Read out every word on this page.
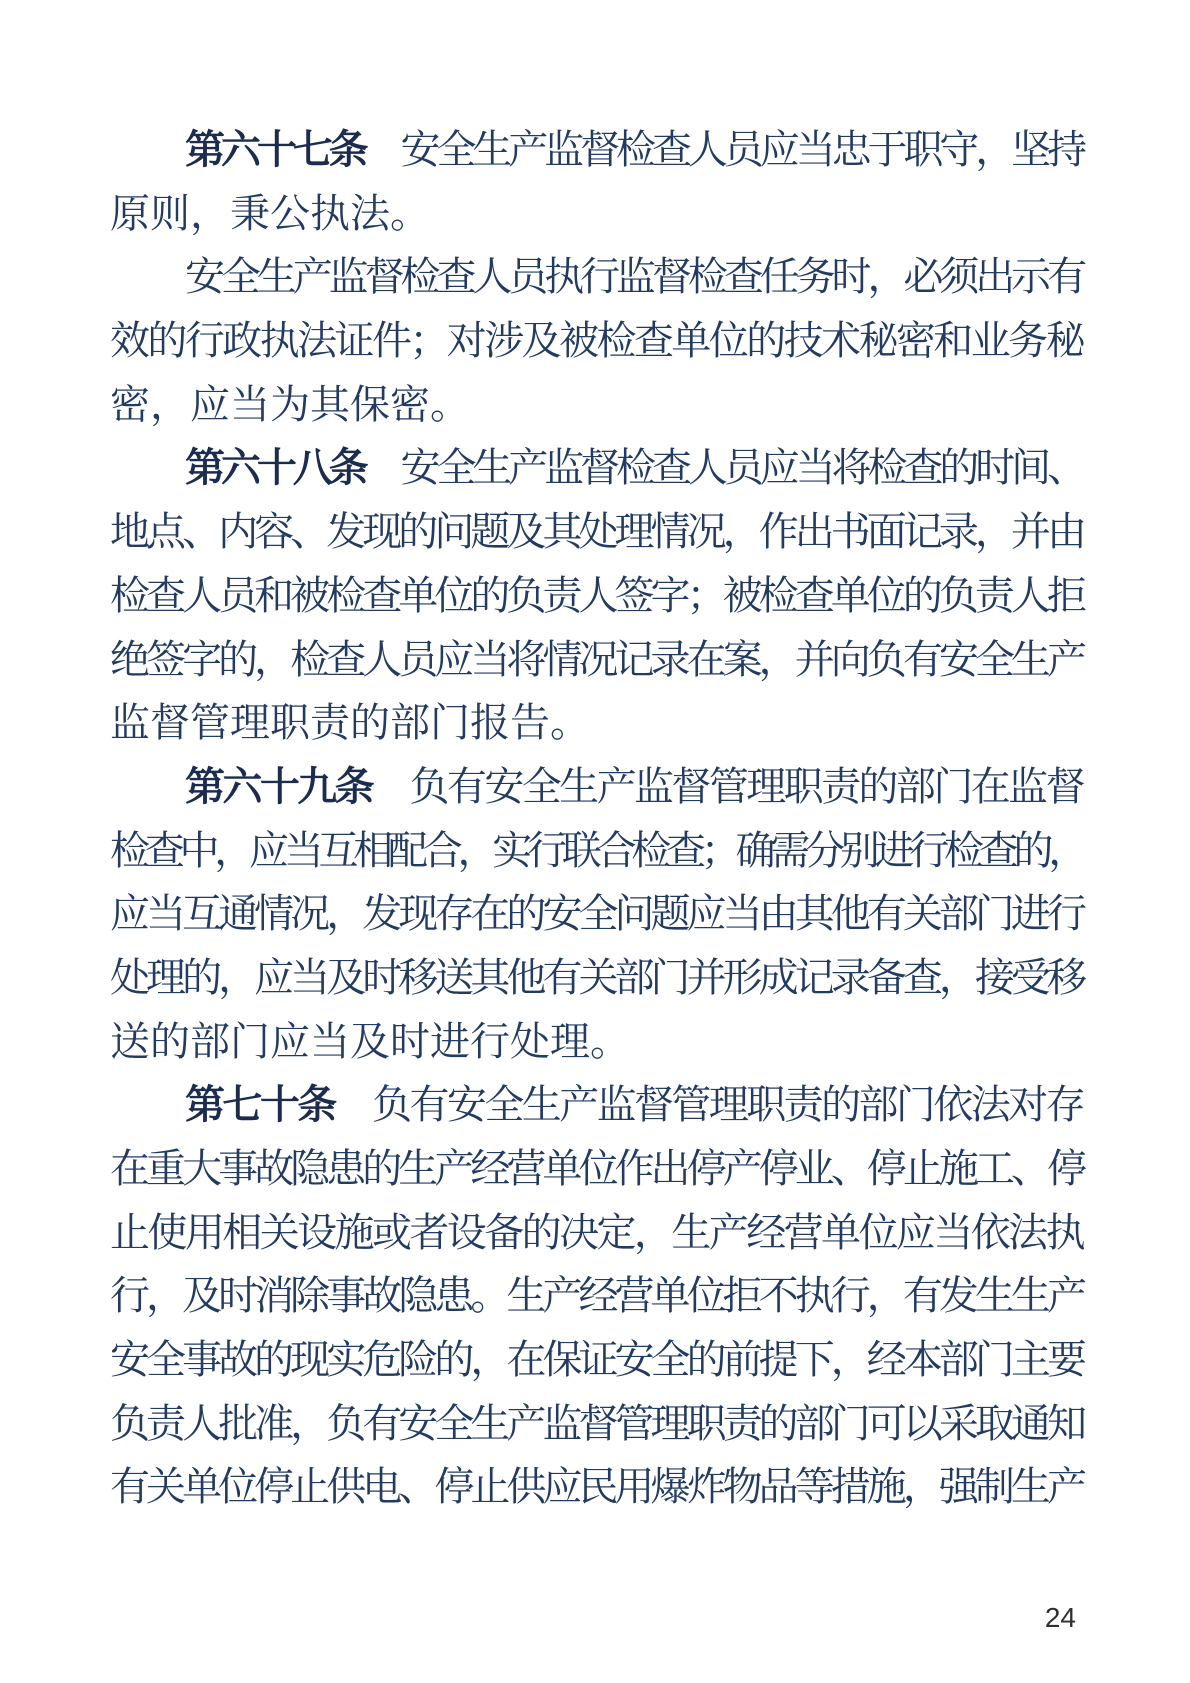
第六十七条　安全生产监督检查人员应当忠于职守，坚持
原则，秉公执法。
安全生产监督检查人员执行监督检查任务时，必须出示有
效的行政执法证件；对涉及被检查单位的技术秘密和业务秘
密，应当为其保密。
第六十八条　安全生产监督检查人员应当将检查的时间、
地点、内容、发现的问题及其处理情况，作出书面记录，并由
检查人员和被检查单位的负责人签字；被检查单位的负责人拒
绝签字的，检查人员应当将情况记录在案，并向负有安全生产
监督管理职责的部门报告。
第六十九条　负有安全生产监督管理职责的部门在监督
检查中，应当互相配合，实行联合检查；确需分别进行检查的，
应当互通情况，发现存在的安全问题应当由其他有关部门进行
处理的，应当及时移送其他有关部门并形成记录备查，接受移
送的部门应当及时进行处理。
第七十条　负有安全生产监督管理职责的部门依法对存
在重大事故隐患的生产经营单位作出停产停业、停止施工、停
止使用相关设施或者设备的决定，生产经营单位应当依法执
行，及时消除事故隐患。生产经营单位拒不执行，有发生生产
安全事故的现实危险的，在保证安全的前提下，经本部门主要
负责人批准，负有安全生产监督管理职责的部门可以采取通知
有关单位停止供电、停止供应民用爆炸物品等措施，强制生产
24
